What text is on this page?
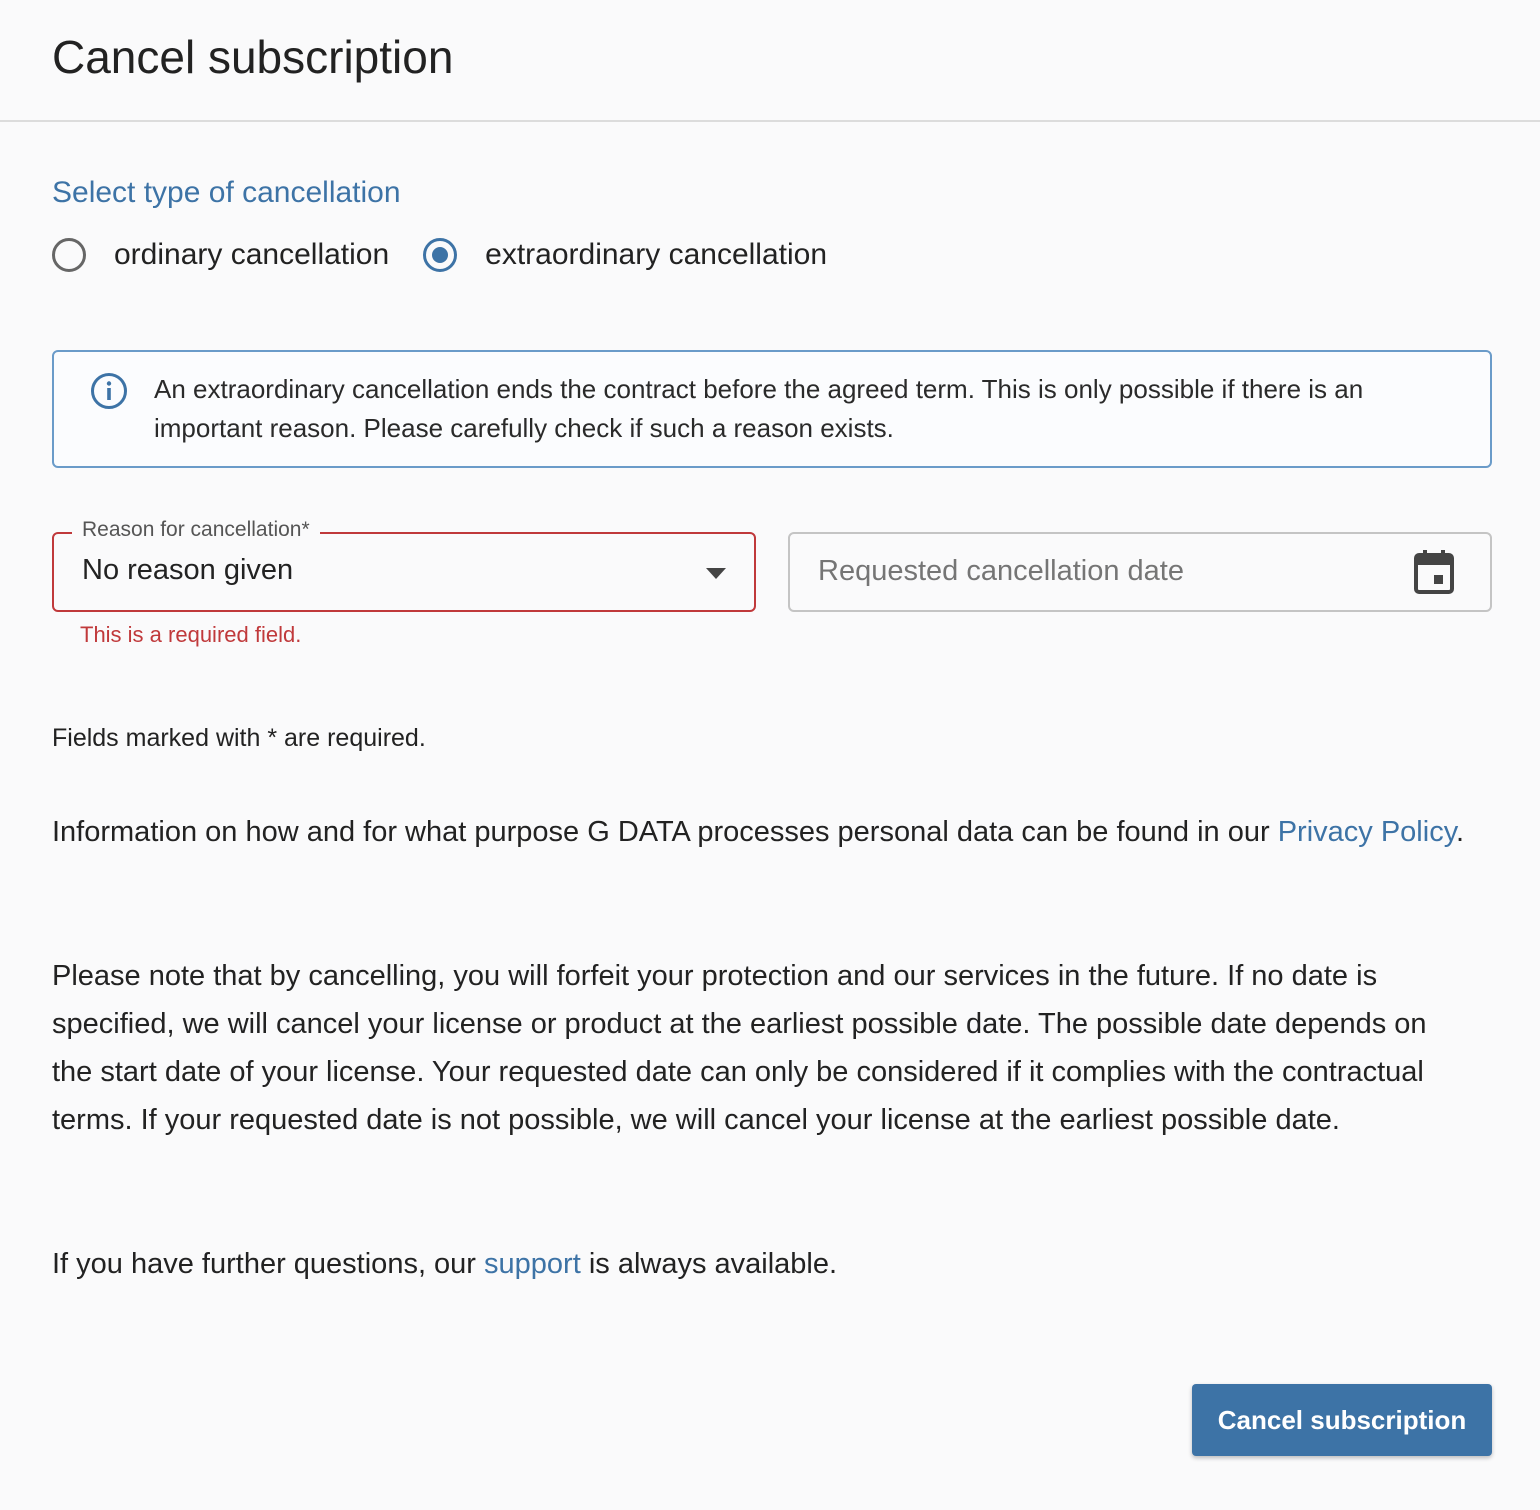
Cancel subscription
Select type of cancellation
ordinary cancellation	extraordinary cancellation
An extraordinary cancellation ends the contract before the agreed term. This is only possible if there is an important reason. Please carefully check if such a reason exists.
Reason for cancellation*
No reason given
This is a required field.
Requested cancellation date
Fields marked with * are required.
Information on how and for what purpose G DATA processes personal data can be found in our Privacy Policy.
Please note that by cancelling, you will forfeit your protection and our services in the future. If no date is specified, we will cancel your license or product at the earliest possible date. The possible date depends on the start date of your license. Your requested date can only be considered if it complies with the contractual terms. If your requested date is not possible, we will cancel your license at the earliest possible date.
If you have further questions, our support is always available.
Cancel subscription
